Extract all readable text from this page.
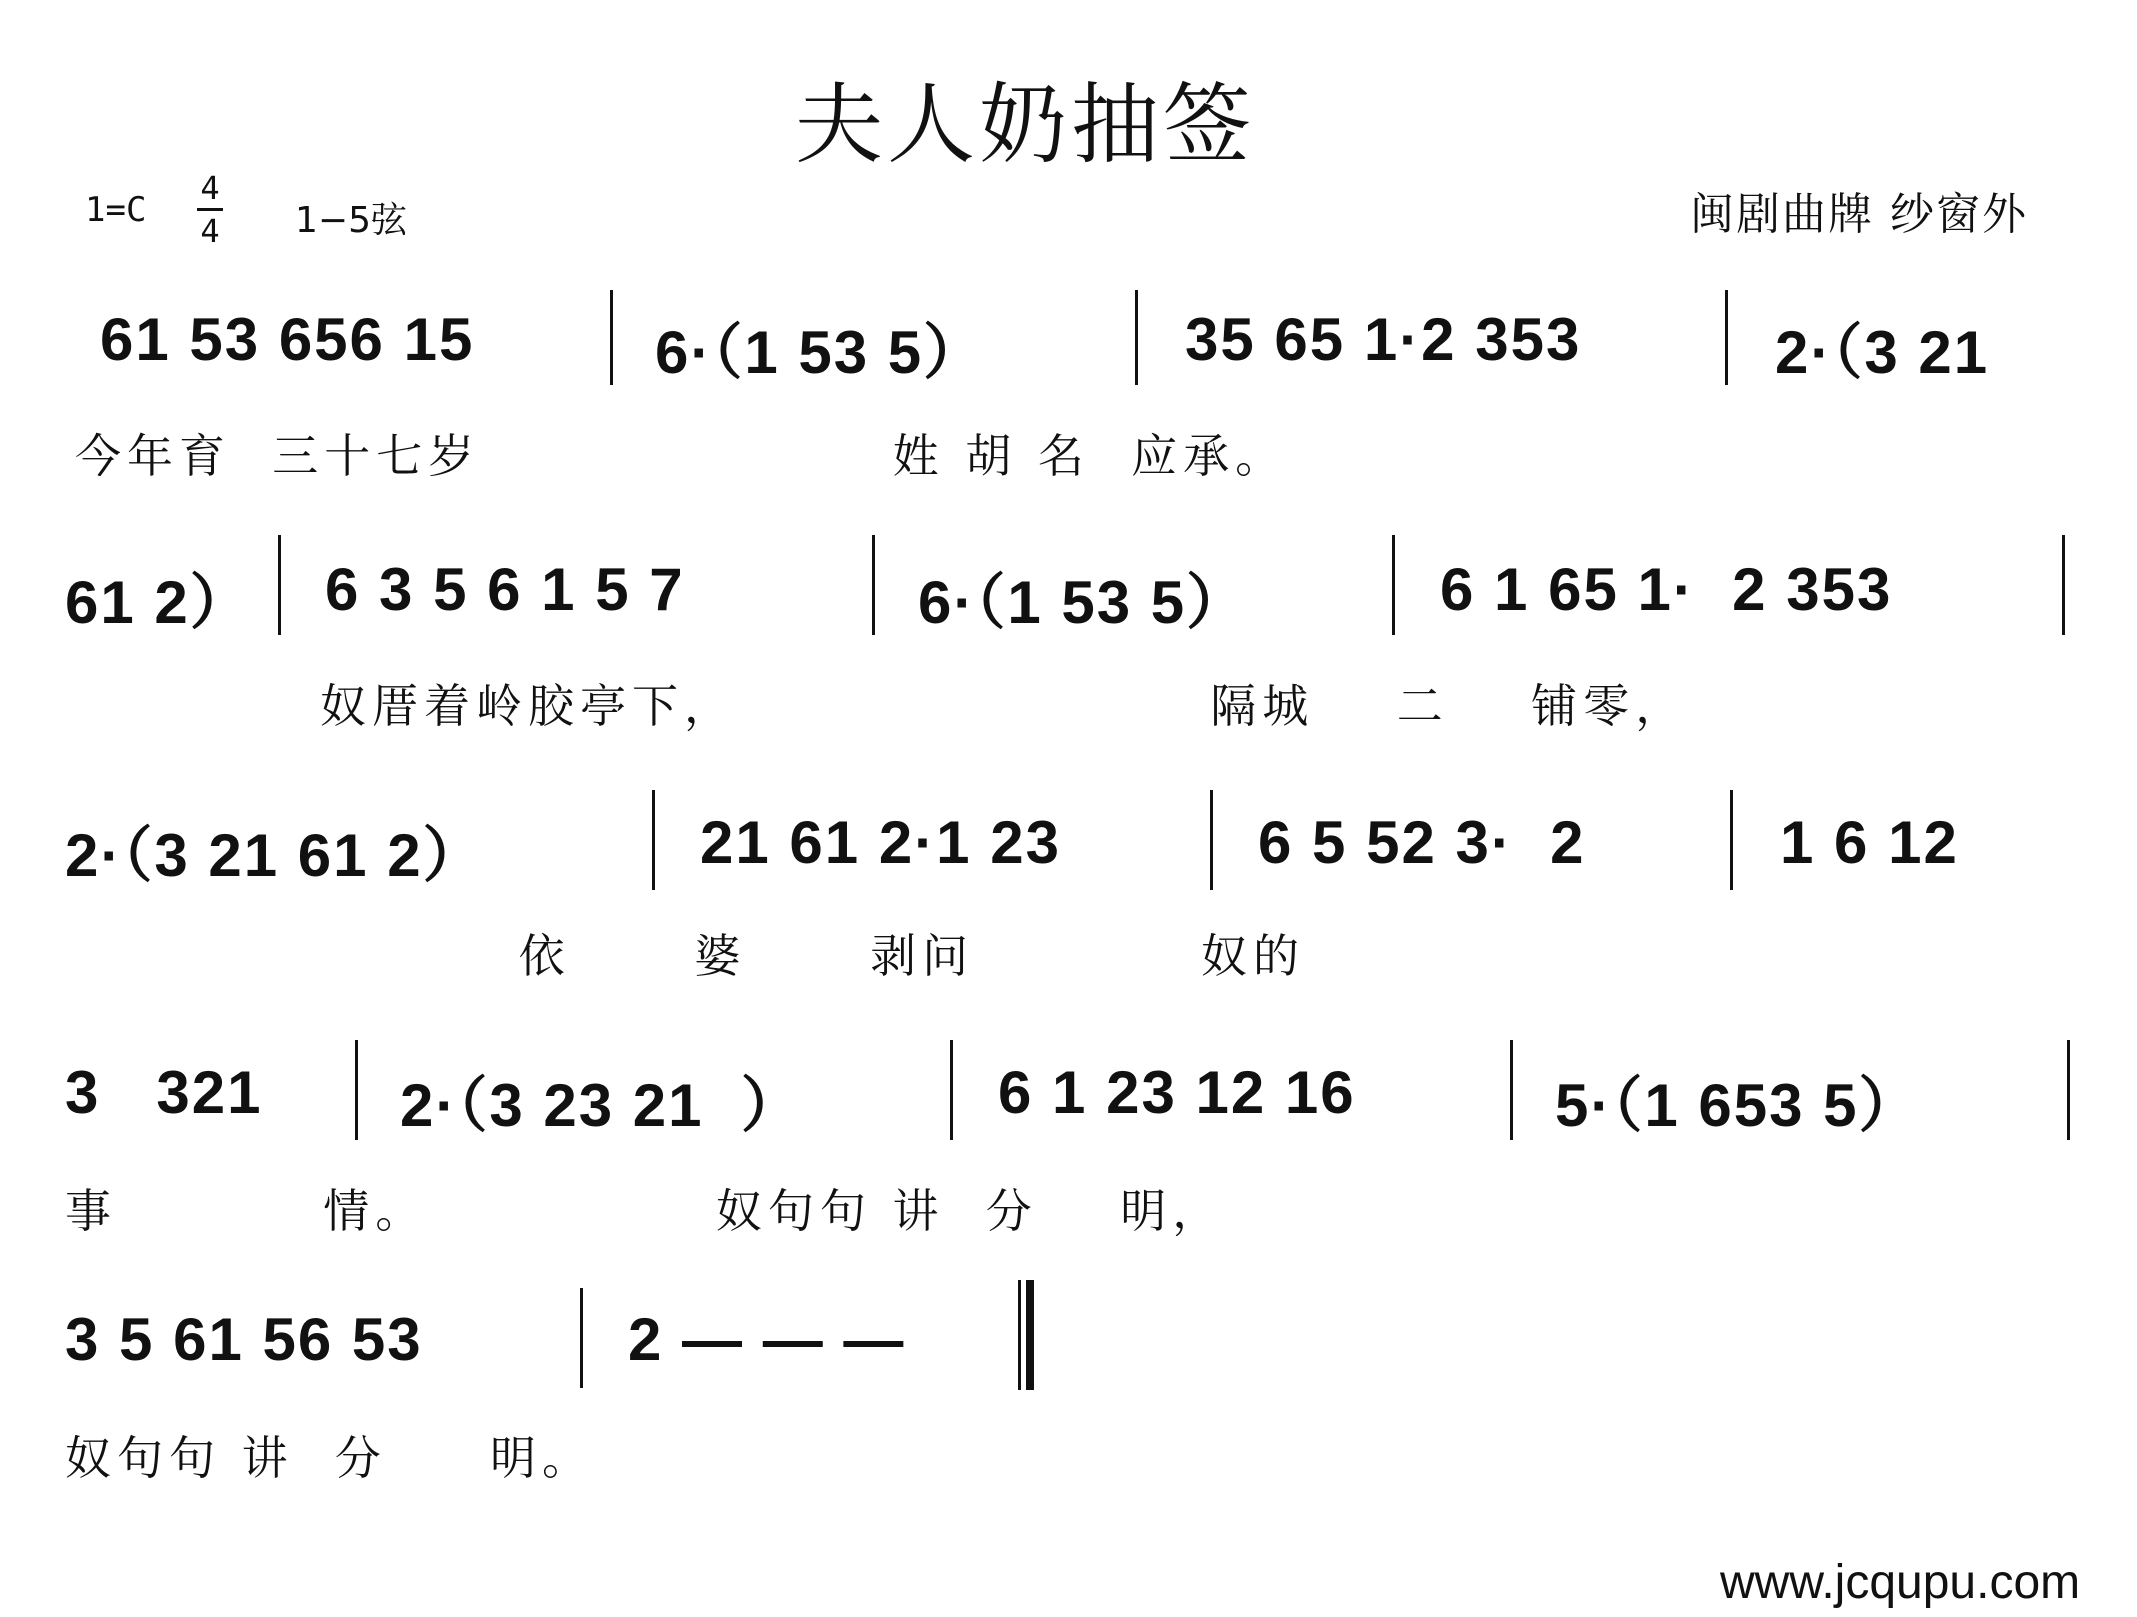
夫人奶抽签
1=C
4
4 1−5弦	闽剧曲牌 纱窗外
61 53 656 15	6·（1 53 5）	35 65 1·2 353	2·（3 21
今年育  三十七岁                    姓 胡 名  应承。
61 2） 6 3 5 6 1 5 7	6·（1 53 5）	6 1 65 1·  2 353
奴厝着岭胶亭下，                       隔城    二    铺零，
2·（3 21 61 2）	21 61 2·1 23	6 5 52 3·  2	1 6 12
依      婆      剥问           奴的
3   321 2·（3 23 21  ）	6 1 23 12 16	5·（1 653 5）
事          情。              奴句句 讲  分    明，
3 5 61 56 53	2 — — —
奴句句 讲  分     明。
www.jcqupu.com
